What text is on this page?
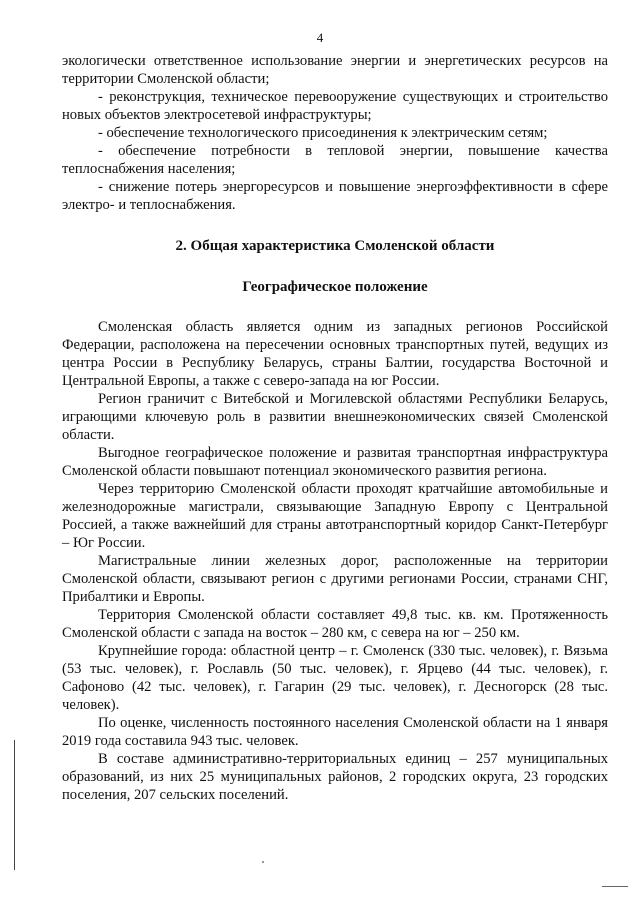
4

экологически ответственное использование энергии и энергетических ресурсов на территории Смоленской области;

- реконструкция, техническое перевооружение существующих и строительство новых объектов электросетевой инфраструктуры;

- обеспечение технологического присоединения к электрическим сетям;

- обеспечение потребности в тепловой энергии, повышение качества теплоснабжения населения;

- снижение потерь энергоресурсов и повышение энергоэффективности в сфере электро- и теплоснабжения.

2. Общая характеристика Смоленской области
Географическое положение

Смоленская область является одним из западных регионов Российской Федерации, расположена на пересечении основных транспортных путей, ведущих из центра России в Республику Беларусь, страны Балтии, государства Восточной и Центральной Европы, а также с северо-запада на юг России.

Регион граничит с Витебской и Могилевской областями Республики Беларусь, играющими ключевую роль в развитии внешнеэкономических связей Смоленской области.

Выгодное географическое положение и развитая транспортная инфраструктура Смоленской области повышают потенциал экономического развития региона.

Через территорию Смоленской области проходят кратчайшие автомобильные и железнодорожные магистрали, связывающие Западную Европу с Центральной Россией, а также важнейший для страны автотранспортный коридор Санкт-Петербург – Юг России.

Магистральные линии железных дорог, расположенные на территории Смоленской области, связывают регион с другими регионами России, странами СНГ, Прибалтики и Европы.

Территория Смоленской области составляет 49,8 тыс. кв. км. Протяженность Смоленской области с запада на восток – 280 км, с севера на юг – 250 км.

Крупнейшие города: областной центр – г. Смоленск (330 тыс. человек), г. Вязьма (53 тыс. человек), г. Рославль (50 тыс. человек), г. Ярцево (44 тыс. человек), г. Сафоново (42 тыс. человек), г. Гагарин (29 тыс. человек), г. Десногорск (28 тыс. человек).

По оценке, численность постоянного населения Смоленской области на 1 января 2019 года составила 943 тыс. человек.

В составе административно-территориальных единиц – 257 муниципальных образований, из них 25 муниципальных районов, 2 городских округа, 23 городских поселения, 207 сельских поселений.
